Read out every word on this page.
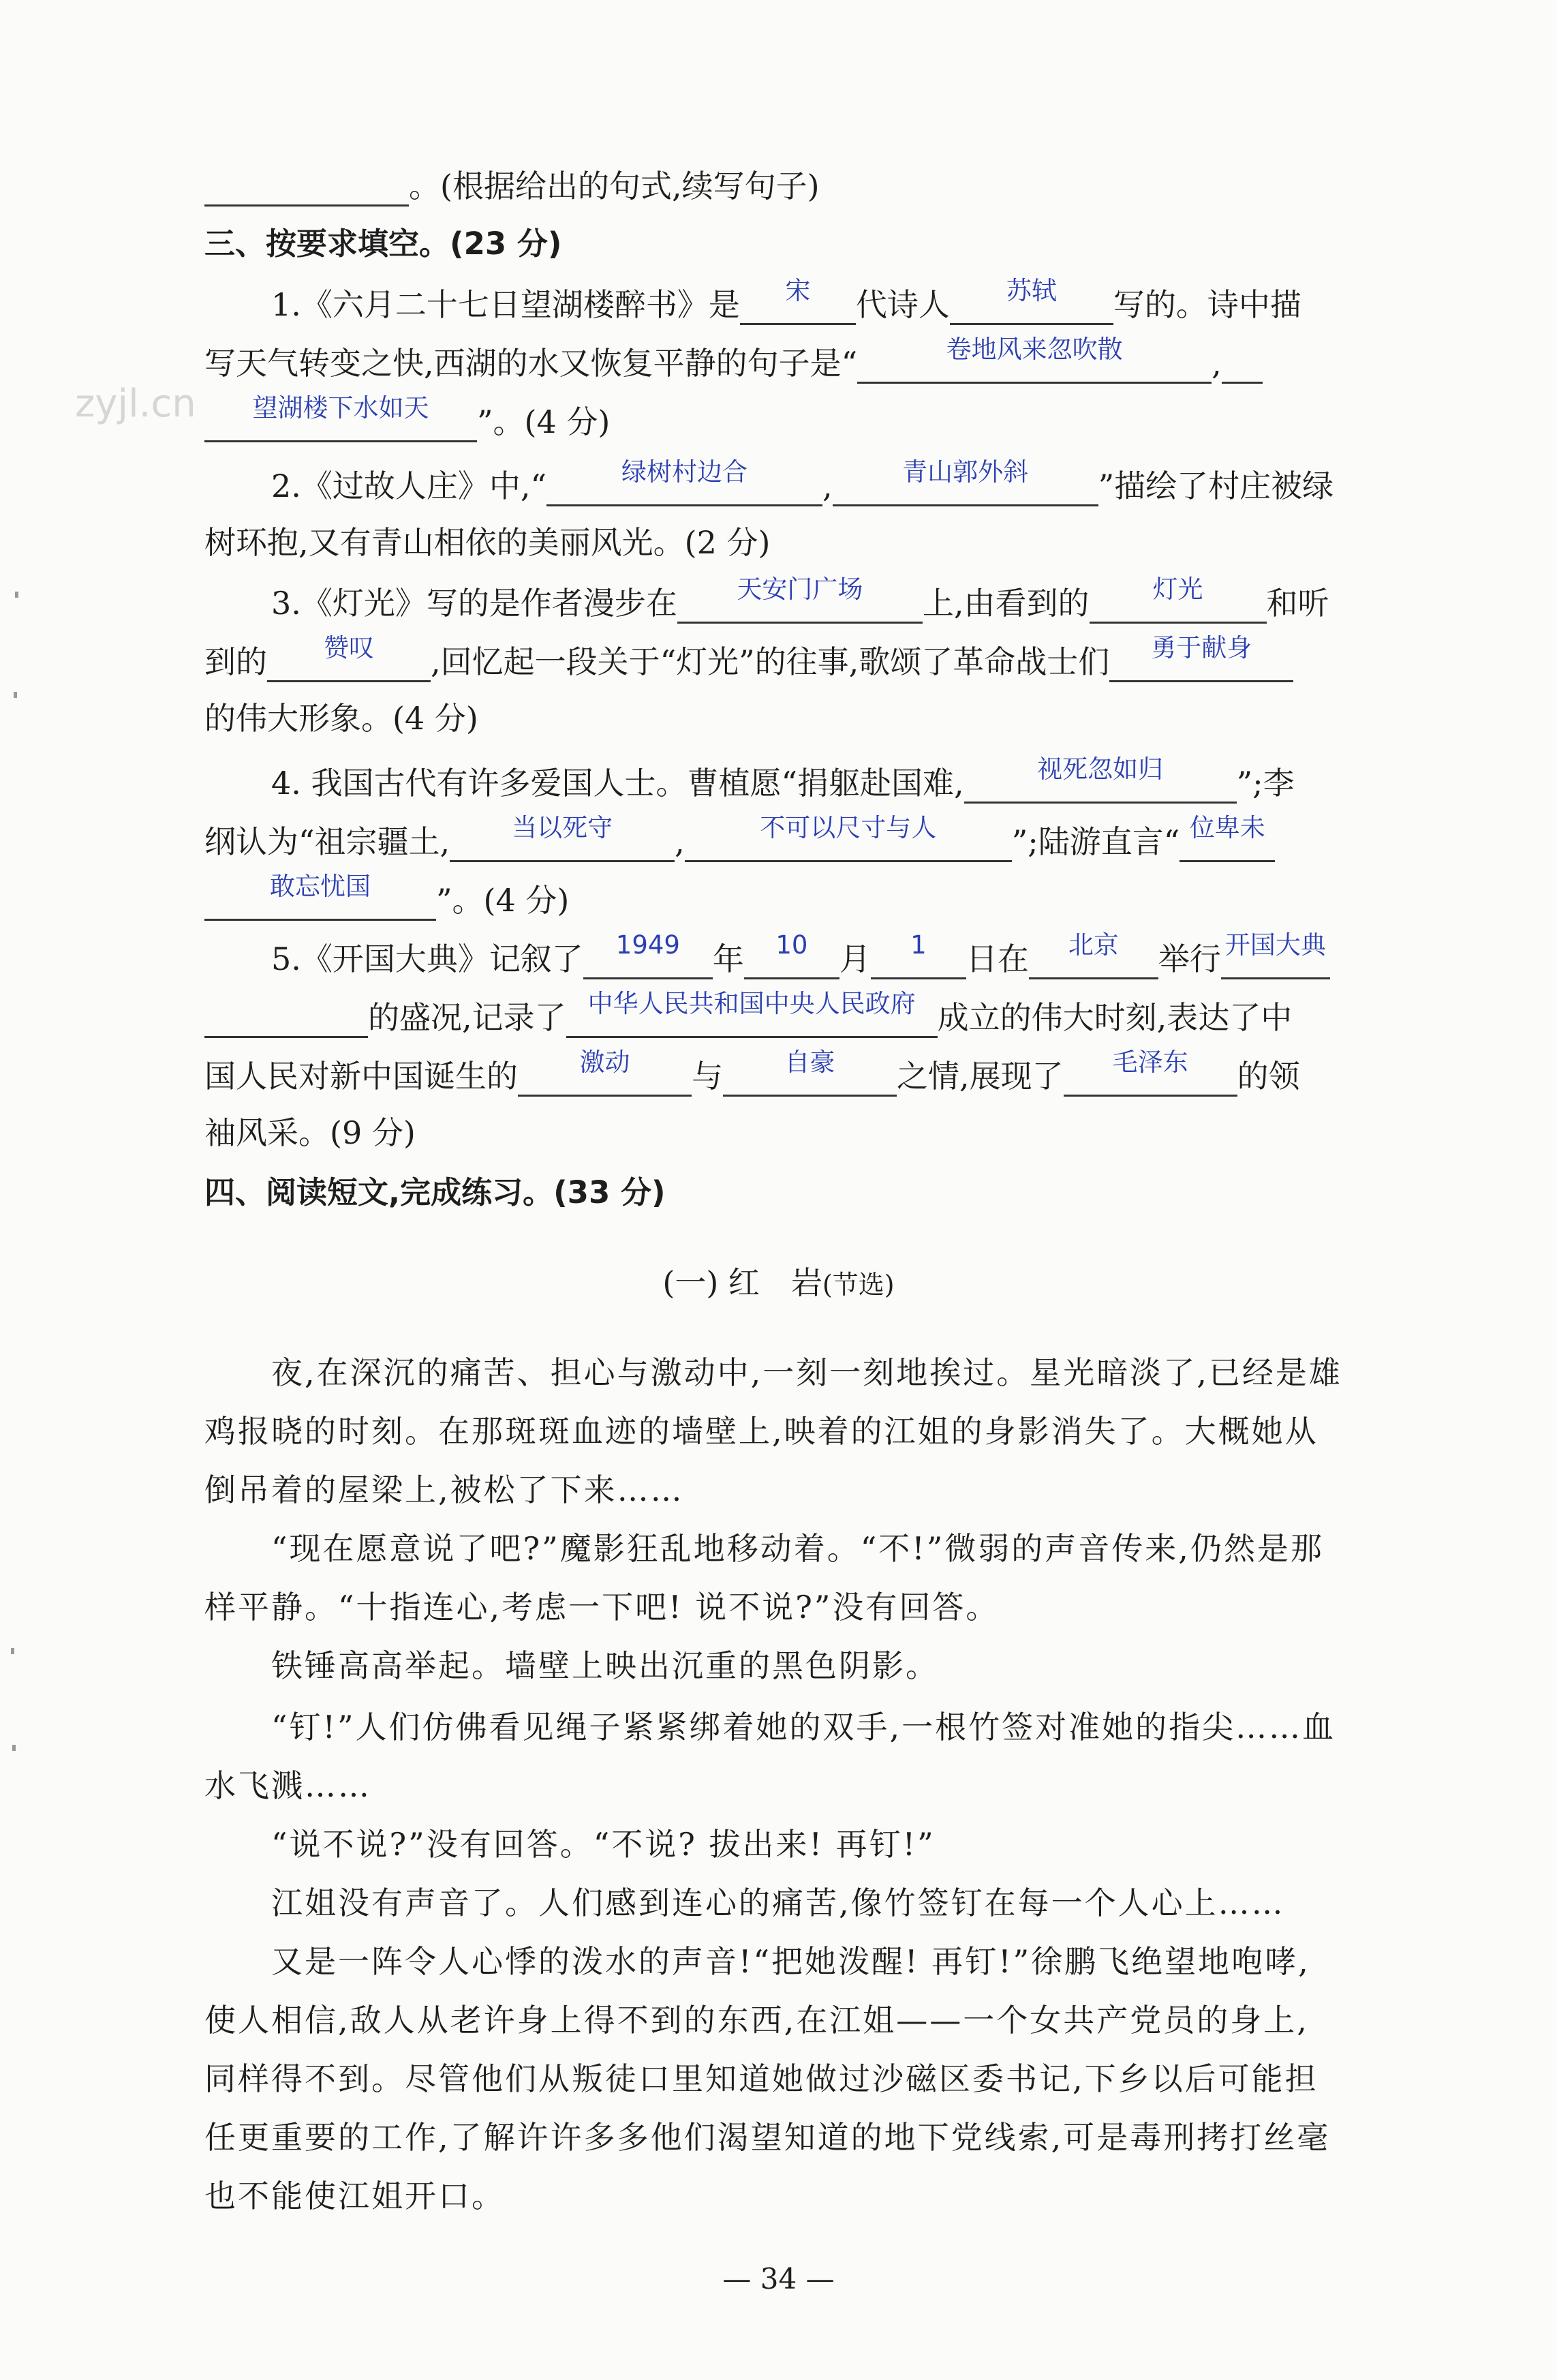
zyjl.cn
。(根据给出的句式,续写句子)
三、按要求填空。(23 分)
1.《六月二十七日望湖楼醉书》是	宋	代诗人	苏轼	写的。诗中描
写天气转变之快,西湖的水又恢复平静的句子是“	卷地风来忽吹散	,
望湖楼下水如天	”。(4 分)
2.《过故人庄》中,“	绿树村边合	,	青山郭外斜	”描绘了村庄被绿
树环抱,又有青山相依的美丽风光。(2 分)
3.《灯光》写的是作者漫步在	天安门广场	上,由看到的	灯光	和听
到的	赞叹	,回忆起一段关于“灯光”的往事,歌颂了革命战士们	勇于献身
的伟大形象。(4 分)
4. 我国古代有许多爱国人士。曹植愿“捐躯赴国难,	视死忽如归	”;李
纲认为“祖宗疆土,	当以死守	,	不可以尺寸与人	”;陆游直言“ 位卑未
敢忘忧国	”。(4 分)
5.《开国大典》记叙了	1949	年	10	月	1	日在	北京	举行 开国大典
的盛况,记录了 中华人民共和国中央人民政府 成立的伟大时刻,表达了中
国人民对新中国诞生的	激动	与	自豪	之情,展现了	毛泽东	的领
袖风采。(9 分)
四、阅读短文,完成练习。(33 分)
(一) 红　岩(节选)
夜,在深沉的痛苦、担心与激动中,一刻一刻地挨过。星光暗淡了,已经是雄
鸡报晓的时刻。在那斑斑血迹的墙壁上,映着的江姐的身影消失了。大概她从
倒吊着的屋梁上,被松了下来……
“现在愿意说了吧?”魔影狂乱地移动着。“不!”微弱的声音传来,仍然是那
样平静。“十指连心,考虑一下吧! 说不说?”没有回答。
铁锤高高举起。墙壁上映出沉重的黑色阴影。
“钉!”人们仿佛看见绳子紧紧绑着她的双手,一根竹签对准她的指尖……血
水飞溅……
“说不说?”没有回答。“不说? 拔出来! 再钉!”
江姐没有声音了。人们感到连心的痛苦,像竹签钉在每一个人心上……
又是一阵令人心悸的泼水的声音!“把她泼醒! 再钉!”徐鹏飞绝望地咆哮,
使人相信,敌人从老许身上得不到的东西,在江姐——一个女共产党员的身上,
同样得不到。尽管他们从叛徒口里知道她做过沙磁区委书记,下乡以后可能担
任更重要的工作,了解许许多多他们渴望知道的地下党线索,可是毒刑拷打丝毫
也不能使江姐开口。
— 34 —
